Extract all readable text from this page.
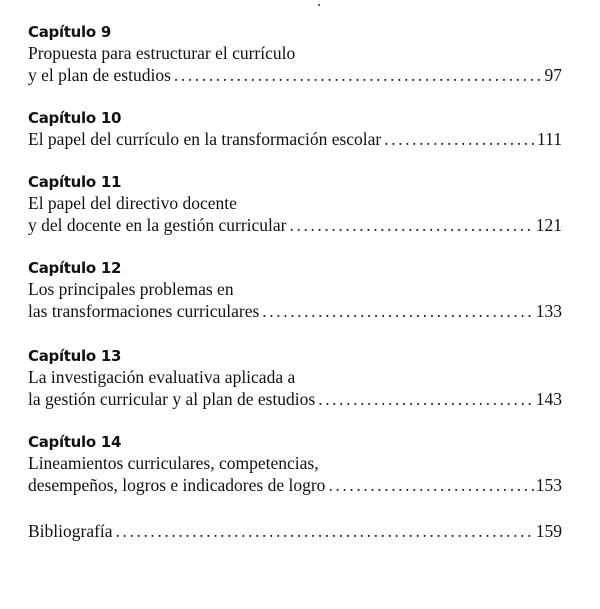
Capítulo 9
Propuesta para estructurar el currículo
y el plan de estudios .....	97
Capítulo 10
El papel del currículo en la transformación escolar .....	111
Capítulo 11
El papel del directivo docente
y del docente en la gestión curricular .....	121
Capítulo 12
Los principales problemas en
las transformaciones curriculares .....	133
Capítulo 13
La investigación evaluativa aplicada a
la gestión curricular y al plan de estudios .....	143
Capítulo 14
Lineamientos curriculares, competencias,
desempeños, logros e indicadores de logro .....	153
Bibliografía .....	159
